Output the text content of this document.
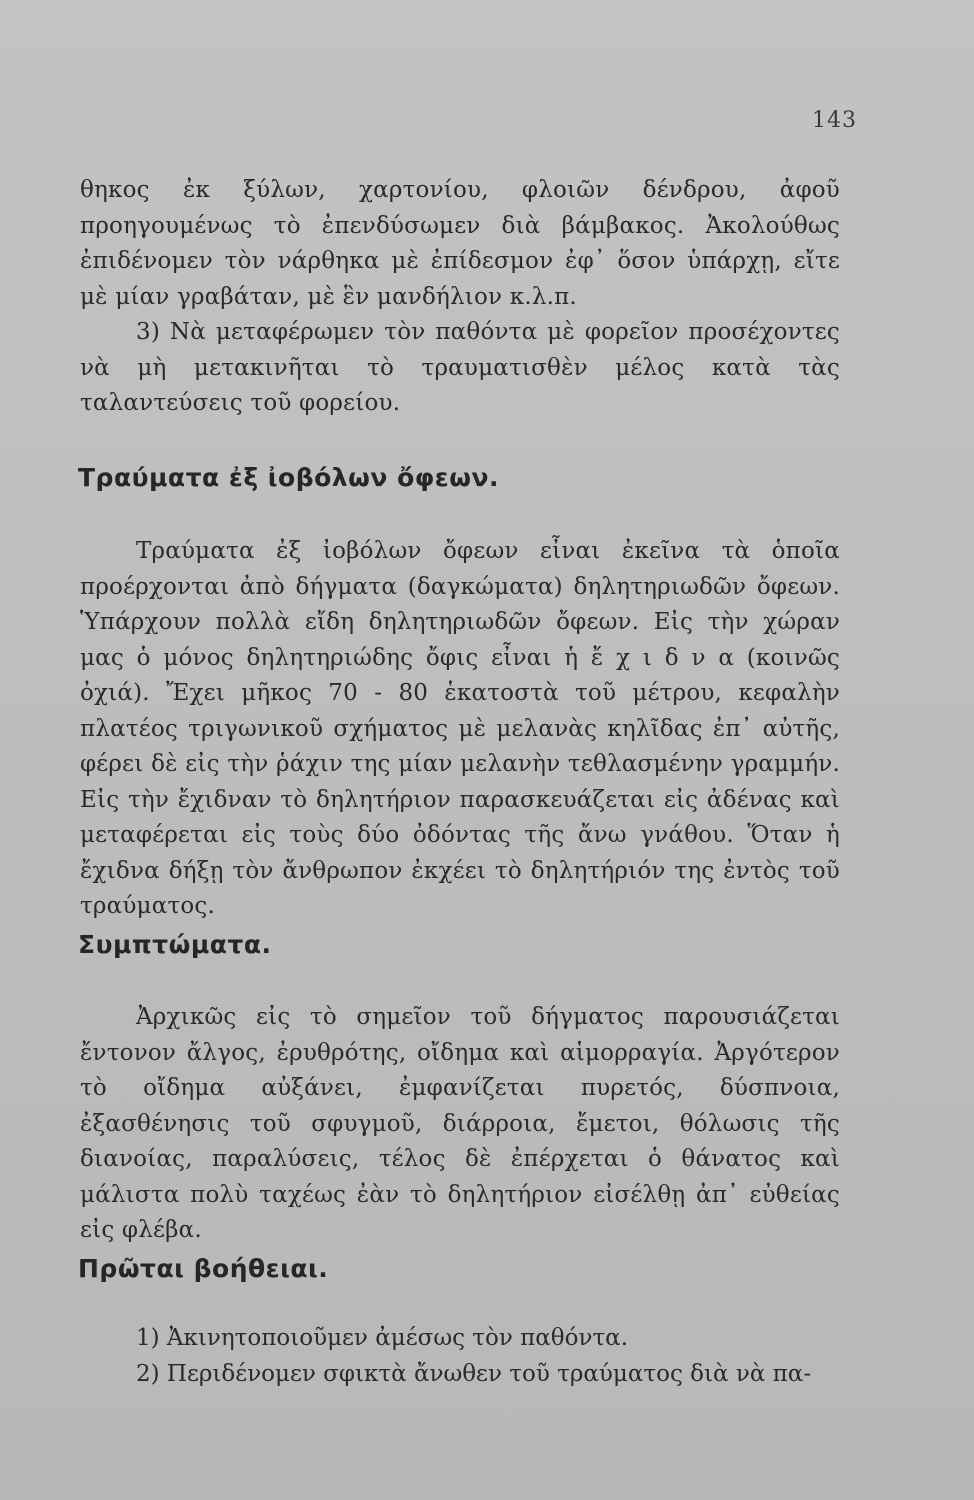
143

θηκος ἐκ ξύλων, χαρτονίου, φλοιῶν δένδρου, ἀφοῦ προηγουμένως τὸ ἐπενδύσωμεν διὰ βάμβακος. Ἀκολούθως ἐπιδένομεν τὸν νάρθηκα μὲ ἐπίδεσμον ἐφ᾽ ὅσον ὑπάρχῃ, εἴτε μὲ μίαν γραβάταν, μὲ ἓν μανδήλιον κ.λ.π.

3) Νὰ μεταφέρωμεν τὸν παθόντα μὲ φορεῖον προσέχοντες νὰ μὴ μετακινῆται τὸ τραυματισθὲν μέλος κατὰ τὰς ταλαντεύσεις τοῦ φορείου.

Τραύματα ἐξ ἰοβόλων ὄφεων.

Τραύματα ἐξ ἰοβόλων ὄφεων εἶναι ἐκεῖνα τὰ ὁποῖα προέρχονται ἀπὸ δήγματα (δαγκώματα) δηλητηριωδῶν ὄφεων. Ὑπάρχουν πολλὰ εἴδη δηλητηριωδῶν ὄφεων. Εἰς τὴν χώραν μας ὁ μόνος δηλητηριώδης ὄφις εἶναι ἡ ἔ χ ι δ ν α (κοινῶς ὀχιά). Ἔχει μῆκος 70 - 80 ἑκατοστὰ τοῦ μέτρου, κεφαλὴν πλατέος τριγωνικοῦ σχήματος μὲ μελανὰς κηλῖδας ἐπ᾽ αὐτῆς, φέρει δὲ εἰς τὴν ῥάχιν της μίαν μελανὴν τεθλασμένην γραμμήν. Εἰς τὴν ἔχιδναν τὸ δηλητήριον παρασκευάζεται εἰς ἀδένας καὶ μεταφέρεται εἰς τοὺς δύο ὀδόντας τῆς ἄνω γνάθου. Ὅταν ἡ ἔχιδνα δήξῃ τὸν ἄνθρωπον ἐκχέει τὸ δηλητήριόν της ἐντὸς τοῦ τραύματος.

Συμπτώματα.

Ἀρχικῶς εἰς τὸ σημεῖον τοῦ δήγματος παρουσιάζεται ἔντονον ἄλγος, ἐρυθρότης, οἴδημα καὶ αἱμορραγία. Ἀργότερον τὸ οἴδημα αὐξάνει, ἐμφανίζεται πυρετός, δύσπνοια, ἐξασθένησις τοῦ σφυγμοῦ, διάρροια, ἔμετοι, θόλωσις τῆς διανοίας, παραλύσεις, τέλος δὲ ἐπέρχεται ὁ θάνατος καὶ μάλιστα πολὺ ταχέως ἐὰν τὸ δηλητήριον εἰσέλθῃ ἀπ᾽ εὐθείας εἰς φλέβα.

Πρῶται βοήθειαι.
1) Ἀκινητοποιοῦμεν ἀμέσως τὸν παθόντα.
2) Περιδένομεν σφικτὰ ἄνωθεν τοῦ τραύματος διὰ νὰ πα-
